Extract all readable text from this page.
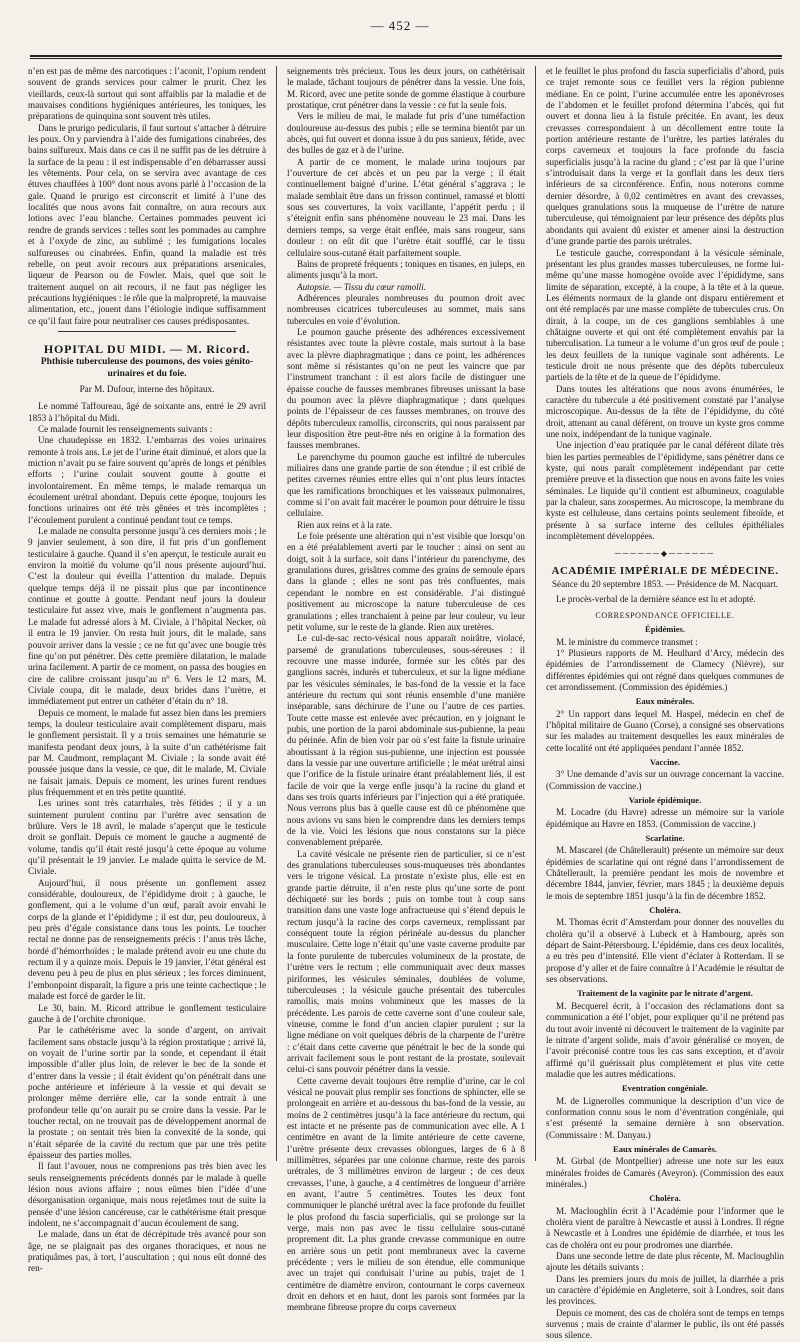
— 452 —

n’en est pas de même des narcotiques : l’aconit, l’opium rendent souvent de grands services pour calmer le prurit. Chez les vieillards, ceux-là surtout qui sont affaiblis par la maladie et de mauvaises conditions hygiéniques antérieures, les toniques, les préparations de quinquina sont souvent très utiles.

Dans le prurigo pedicularis, il faut surtout s’attacher à détruire les poux. On y parviendra à l’aide des fumigations cinabrées, des bains sulfureux. Mais dans ce cas il ne suffit pas de les détruire à la surface de la peau : il est indispensable d’en débarrasser aussi les vêtements. Pour cela, on se servira avec avantage de ces étuves chauffées à 100° dont nous avons parlé à l’occasion de la gale. Quand le prurigo est circonscrit et limité à l’une des localités que nous avons fait connaître, on aura recours aux lotions avec l’eau blanche. Certaines pommades peuvent ici rendre de grands services : telles sont les pommades au camphre et à l’oxyde de zinc, au sublimé ; les fumigations locales sulfureuses ou cinabrées. Enfin, quand la maladie est très rebelle, on peut avoir recours aux préparations arsenicales, liqueur de Pearson ou de Fowler. Mais, quel que soit le traitement auquel on ait recours, il ne faut pas négliger les précautions hygiéniques : le rôle que la malpropreté, la mauvaise alimentation, etc., jouent dans l’étiologie indique suffisamment ce qu’il faut faire pour neutraliser ces causes prédisposantes.

HOPITAL DU MIDI. — M. Ricord.
Phthisie tuberculeuse des poumons, des voies génito-urinaires et du foie.
Par M. Dufour, interne des hôpitaux.

Le nommé Taffoureau, âgé de soixante ans, entré le 29 avril 1853 à l’hôpital du Midi.

Ce malade fournit les renseignements suivants :

Une chaudepisse en 1832. L’embarras des voies urinaires remonte à trois ans. Le jet de l’urine était diminué, et alors que la miction n’avait pu se faire souvent qu’après de longs et pénibles efforts ; l’urine coulait souvent goutte à goutte et involontairement. En même temps, le malade remarqua un écoulement urétral abondant. Depuis cette époque, toujours les fonctions urinaires ont été très gênées et très incomplètes ; l’écoulement purulent a continué pendant tout ce temps.

Le malade ne consulta personne jusqu’à ces derniers mois ; le 9 janvier seulement, à son dire, il fut pris d’un gonflement testiculaire à gauche. Quand il s’en aperçut, le testicule aurait eu environ la moitié du volume qu’il nous présente aujourd’hui. C’est la douleur qui éveilla l’attention du malade. Depuis quelque temps déjà il ne pissait plus que par incontinence continue et goutte à goutte. Pendant neuf jours la douleur testiculaire fut assez vive, mais le gonflement n’augmenta pas. Le malade fut adressé alors à M. Civiale, à l’hôpital Necker, où il entra le 19 janvier. On resta huit jours, dit le malade, sans pouvoir arriver dans la vessie ; ce ne fut qu’avec une bougie très fine qu’on put pénétrer. Dès cette première dilatation, le malade urina facilement. A partir de ce moment, on passa des bougies en cire de calibre croissant jusqu’au n° 6. Vers le 12 mars, M. Civiale coupa, dit le malade, deux brides dans l’urètre, et immédiatement put entrer un cathéter d’étain du n° 18.

Depuis ce moment, le malade fut assez bien dans les premiers temps, la douleur testiculaire avait complètement disparu, mais le gonflement persistait. Il y a trois semaines une hématurie se manifesta pendant deux jours, à la suite d’un cathétérisme fait par M. Caudmont, remplaçant M. Civiale ; la sonde avait été poussée jusque dans la vessie, ce que, dit le malade, M. Civiale ne faisait jamais. Depuis ce moment, les urines furent rendues plus fréquemment et en très petite quantité.

Les urines sont très catarrhales, très fétides ; il y a un suintement purulent continu par l’urètre avec sensation de brûlure. Vers le 18 avril, le malade s’aperçut que le testicule droit se gonflait. Depuis ce moment le gauche a augmenté de volume, tandis qu’il était resté jusqu’à cette époque au volume qu’il présentait le 19 janvier. Le malade quitta le service de M. Civiale.

Aujourd’hui, il nous présente un gonflement assez considérable, douloureux, de l’épididyme droit ; à gauche, le gonflement, qui a le volume d’un œuf, paraît avoir envahi le corps de la glande et l’épididyme ; il est dur, peu douloureux, à peu près d’égale consistance dans tous les points. Le toucher rectal ne donne pas de renseignements précis : l’anus très lâche, bordé d’hémorrhoïdes ; le malade prétend avoir eu une chute du rectum il y a quinze mois. Depuis le 19 janvier, l’état général est devenu peu à peu de plus en plus sérieux ; les forces diminuent, l’embonpoint disparaît, la figure a pris une teinte cachectique ; le malade est forcé de garder le lit.

Le 30, bain. M. Ricord attribue le gonflement testiculaire gauche à de l’orchite chronique.

Par le cathétérisme avec la sonde d’argent, on arrivait facilement sans obstacle jusqu’à la région prostatique ; arrivé là, on voyait de l’urine sortir par la sonde, et cependant il était impossible d’aller plus loin, de relever le bec de la sonde et d’entrer dans la vessie ; il était évident qu’on pénétrait dans une poche antérieure et inférieure à la vessie et qui devait se prolonger même derrière elle, car la sonde entrait à une profondeur telle qu’on aurait pu se croire dans la vessie. Par le toucher rectal, on ne trouvait pas de développement anormal de la prostate ; on sentait très bien la convexité de la sonde, qui n’était séparée de la cavité du rectum que par une très petite épaisseur des parties molles.

Il faut l’avouer, nous ne comprenions pas très bien avec les seuls renseignements précédents donnés par le malade à quelle lésion nous avions affaire ; nous eûmes bien l’idée d’une désorganisation organique, mais nous rejetâmes tout de suite la pensée d’une lésion cancéreuse, car le cathétérisme était presque indolent, ne s’accompagnait d’aucun écoulement de sang.

Le malade, dans un état de décrépitude très avancé pour son âge, ne se plaignait pas des organes thoraciques, et nous ne pratiquâmes pas, à tort, l’auscultation ; qui nous eût donné des ren-

seignements très précieux. Tous les deux jours, on cathétérisait le malade, tâchant toujours de pénétrer dans la vessie. Une fois, M. Ricord, avec une petite sonde de gomme élastique à courbure prostatique, crut pénétrer dans la vessie : ce fut la seule fois.

Vers le milieu de mai, le malade fut pris d’une tuméfaction douloureuse au-dessus des pubis ; elle se termina bientôt par un abcès, qui fut ouvert et donna issue à du pus sanieux, fétide, avec des bulles de gaz et à de l’urine.

A partir de ce moment, le malade urina toujours par l’ouverture de cet abcès et un peu par la verge ; il était continuellement baigné d’urine. L’état général s’aggrava ; le malade semblait être dans un frisson continuel, ramassé et blotti sous ses couvertures, la voix vacillante, l’appétit perdu ; il s’éteignit enfin sans phénomène nouveau le 23 mai. Dans les derniers temps, sa verge était enflée, mais sans rougeur, sans douleur : on eût dit que l’urètre était soufflé, car le tissu cellulaire sous-cutané était parfaitement souple.

Bains de propreté fréquents ; toniques en tisanes, en juleps, en aliments jusqu’à la mort.

Autopsie. — Tissu du cœur ramolli.

Adhérences pleurales nombreuses du poumon droit avec nombreuses cicatrices tuberculeuses au sommet, mais sans tubercules en voie d’évolution.

Le poumon gauche présente des adhérences excessivement résistantes avec toute la plèvre costale, mais surtout à la base avec la plèvre diaphragmatique ; dans ce point, les adhérences sont même si résistantes qu’on ne peut les vaincre que par l’instrument tranchant : il est alors facile de distinguer une épaisse couche de fausses membranes fibreuses unissant la base du poumon avec la plèvre diaphragmatique ; dans quelques points de l’épaisseur de ces fausses membranes, on trouve des dépôts tuberculeux ramollis, circonscrits, qui nous paraissent par leur disposition être peut-être nés en origine à la formation des fausses membranes.

Le parenchyme du poumon gauche est infiltré de tubercules miliaires dans une grande partie de son étendue ; il est criblé de petites cavernes réunies entre elles qui n’ont plus leurs intactes que les ramifications bronchiques et les vaisseaux pulmonaires, comme si l’on avait fait macérer le poumon pour détruire le tissu cellulaire.

Rien aux reins et à la rate.

Le foie présente une altération qui n’est visible que lorsqu’on en a été préalablement averti par le toucher : ainsi on sent au doigt, soit à la surface, soit dans l’intérieur du parenchyme, des granulations dures, grisâtres comme des grains de semoule épars dans la glande ; elles ne sont pas très confluentes, mais cependant le nombre en est considérable. J’ai distingué positivement au microscope la nature tuberculeuse de ces granulations ; elles tranchaient à peine par leur couleur, vu leur petit volume, sur le reste de la glande. Rien aux uretères.

Le cul-de-sac recto-vésical nous apparaît noirâtre, violacé, parsemé de granulations tuberculeuses, sous-séreuses : il recouvre une masse indurée, formée sur les côtés par des ganglions sacrés, indurés et tuberculeux, et sur la ligne médiane par les vésicules séminales, le bas-fond de la vessie et la face antérieure du rectum qui sont réunis ensemble d’une manière inséparable, sans déchirure de l’une ou l’autre de ces parties. Toute cette masse est enlevée avec précaution, en y joignant le pubis, une portion de la paroi abdominale sus-pubienne, la peau du périnée. Afin de bien voir par où s’est faite la fistule urinaire aboutissant à la région sus-pubienne, une injection est poussée dans la vessie par une ouverture artificielle ; le méat urétral ainsi que l’orifice de la fistule urinaire étant préalablement liés, il est facile de voir que la verge enfle jusqu’à la racine du gland et dans ses trois quarts inférieurs par l’injection qui a été pratiquée. Nous verrons plus bas à quelle cause est dû ce phénomène que nous avions vu sans bien le comprendre dans les derniers temps de la vie. Voici les lésions que nous constatons sur la pièce convenablement préparée.

La cavité vésicale ne présente rien de particulier, si ce n’est des granulations tuberculeuses sous-muqueuses très abondantes vers le trigone vésical. La prostate n’existe plus, elle est en grande partie détruite, il n’en reste plus qu’une sorte de pont déchiqueté sur les bords ; puis on tombe tout à coup sans transition dans une vaste loge anfractueuse qui s’étend depuis le rectum jusqu’à la racine des corps caverneux, remplissant par conséquent toute la région périnéale au-dessus du plancher musculaire. Cette loge n’était qu’une vaste caverne produite par la fonte purulente de tubercules volumineux de la prostate, de l’urètre vers le rectum ; elle communiquait avec deux masses piriformes, les vésicules séminales, doublées de volume, tuberculeuses ; la vésicule gauche présentait des tubercules ramollis, mais moins volumineux que les masses de la précédente. Les parois de cette caverne sont d’une couleur sale, vineuse, comme le fond d’un ancien clapier purulent ; sur la ligne médiane on voit quelques débris de la charpente de l’urètre : c’était dans cette caverne que pénétrait le bec de la sonde qui arrivait facilement sous le pont restant de la prostate, soulevait celui-ci sans pouvoir pénétrer dans la vessie.

Cette caverne devait toujours être remplie d’urine, car le col vésical ne pouvait plus remplir ses fonctions de sphincter, elle se prolongeait en arrière et au-dessous du bas-fond de la vessie, au moins de 2 centimètres jusqu’à la face antérieure du rectum, qui est intacte et ne présente pas de communication avec elle. A 1 centimètre en avant de la limite antérieure de cette caverne, l’urètre présente deux crevasses oblongues, larges de 6 à 8 millimètres, séparées par une colonne charnue, reste des parois urétrales, de 3 millimètres environ de largeur ; de ces deux crevasses, l’une, à gauche, a 4 centimètres de longueur d’arrière en avant, l’autre 5 centimètres. Toutes les deux font communiquer le planché urétral avec la face profonde du feuillet le plus profond du fascia superficialis, qui se prolonge sur la verge, mais non pas avec le tissu cellulaire sous-cutané proprement dit. La plus grande crevasse communique en outre en arrière sous un petit pont membraneux avec la caverne précédente ; vers le milieu de son étendue, elle communique avec un trajet qui conduisait l’urine au pubis, trajet de 1 centimètre de diamètre environ, contournant le corps caverneux droit en dehors et en haut, dont les parois sont formées par la membrane fibreuse propre du corps caverneux

et le feuillet le plus profond du fascia superficialis d’abord, puis ce trajet remonte sous ce feuillet vers la région pubienne médiane. En ce point, l’urine accumulée entre les aponévroses de l’abdomen et le feuillet profond détermina l’abcès, qui fut ouvert et donna lieu à la fistule précitée. En avant, les deux crevasses correspondaient à un décollement entre toute la portion antérieure restante de l’urètre, les parties latérales du corps caverneux et toujours la face profonde du fascia superficialis jusqu’à la racine du gland ; c’est par là que l’urine s’introduisait dans la verge et la gonflait dans les deux tiers inférieurs de sa circonférence. Enfin, nous noterons comme dernier désordre, à 0,02 centimètres en avant des crevasses, quelques granulations sous la muqueuse de l’urètre de nature tuberculeuse, qui témoignaient par leur présence des dépôts plus abondants qui avaient dû exister et amener ainsi la destruction d’une grande partie des parois urétrales.

Le testicule gauche, correspondant à la vésicule séminale, présentant les plus grandes masses tuberculeuses, ne forme lui-même qu’une masse homogène ovoïde avec l’épididyme, sans limite de séparation, excepté, à la coupe, à la tête et à la queue. Les éléments normaux de la glande ont disparu entièrement et ont été remplacés par une masse complète de tubercules crus. On dirait, à la coupe, un de ces ganglions semblables à une châtaigne ouverte et qui ont été complètement envahis par la tuberculisation. La tumeur a le volume d’un gros œuf de poule ; les deux feuillets de la tunique vaginale sont adhérents. Le testicule droit ne nous présente que des dépôts tuberculeux partiels de la tête et de la queue de l’épididyme.

Dans toutes les altérations que nous avons énumérées, le caractère du tubercule a été positivement constaté par l’analyse microscopique. Au-dessus de la tête de l’épididyme, du côté droit, attenant au canal déférent, on trouve un kyste gros comme une noix, indépendant de la tunique vaginale.

Une injection d’eau pratiquée par le canal déférent dilate très bien les parties permeables de l’épididyme, sans pénétrer dans ce kyste, qui nous paraît complètement indépendant par cette première preuve et la dissection que nous en avons faite les voies séminales. Le liquide qu’il contient est albumineux, coagulable par la chaleur, sans zoospermes. Au microscope, la membrane du kyste est celluleuse, dans certains points seulement fibroïde, et présente à sa surface interne des cellules épithéliales incomplètement développées.

──────◆──────
ACADÉMIE IMPÉRIALE DE MÉDECINE.
Séance du 20 septembre 1853. — Présidence de M. Nacquart.

Le procès-verbal de la dernière séance est lu et adopté.

CORRESPONDANCE OFFICIELLE.
Épidémies.

M. le ministre du commerce transmet :

1° Plusieurs rapports de M. Heulhard d’Arcy, médecin des épidémies de l’arrondissement de Clamecy (Nièvre), sur différentes épidémies qui ont régné dans quelques communes de cet arrondissement. (Commission des épidémies.)

Eaux minérales.

2° Un rapport dans lequel M. Haspel, médecin en chef de l’hôpital militaire de Guano (Corse), a consigné ses observations sur les malades au traitement desquelles les eaux minérales de cette localité ont été appliquées pendant l’année 1852.

Vaccine.

3° Une demande d’avis sur un ouvrage concernant la vaccine. (Commission de vaccine.)

Variole épidémique.

M. Locadre (du Havre) adresse un mémoire sur la variole épidémique au Havre en 1853. (Commission de vaccine.)

Scarlatine.

M. Mascarel (de Châtellerault) présente un mémoire sur deux épidémies de scarlatine qui ont régné dans l’arrondissement de Châtellerault, la première pendant les mois de novembre et décembre 1844, janvier, février, mars 1845 ; la deuxième depuis le mois de septembre 1851 jusqu’à la fin de décembre 1852.

Choléra.

M. Thomas écrit d’Amsterdam pour donner des nouvelles du choléra qu’il a observé à Lubeck et à Hambourg, après son départ de Saint-Pétersbourg. L’épidémie, dans ces deux localités, a eu très peu d’intensité. Elle vient d’éclater à Rotterdam. Il se propose d’y aller et de faire connaître à l’Académie le résultat de ses observations.

Traitement de la vaginite par le nitrate d’argent.

M. Becquerel écrit, à l’occasion des réclamations dont sa communication a été l’objet, pour expliquer qu’il ne prétend pas du tout avoir inventé ni découvert le traitement de la vaginite par le nitrate d’argent solide, mais d’avoir généralisé ce moyen, de l’avoir préconisé contre tous les cas sans exception, et d’avoir affirmé qu’il guérissait plus complètement et plus vite cette maladie que les autres médications.

Eventration congéniale.

M. de Lignerolles communique la description d’un vice de conformation connu sous le nom d’éventration congéniale, qui s’est présenté la semaine dernière à son observation. (Commissaire : M. Danyau.)

Eaux minérales de Camarès.

M. Girbal (de Montpellier) adresse une note sur les eaux minérales froides de Camarès (Aveyron). (Commission des eaux minérales.)

Choléra.

M. Macloughlin écrit à l’Académie pour l’informer que le choléra vient de paraître à Newcastle et aussi à Londres. Il régne à Newcastle et à Londres une épidémie de diarrhée, et tous les cas de choléra ont eu pour prodromes une diarrhée.

Dans une seconde lettre de date plus récente, M. Macloughlin ajoute les détails suivants :

Dans les premiers jours du mois de juillet, la diarrhée a pris un caractère d’épidémie en Angleterre, soit à Londres, soit dans les provinces.

Depuis ce moment, des cas de choléra sont de temps en temps survenus ; mais de crainte d’alarmer le public, ils ont été passés sous silence.
